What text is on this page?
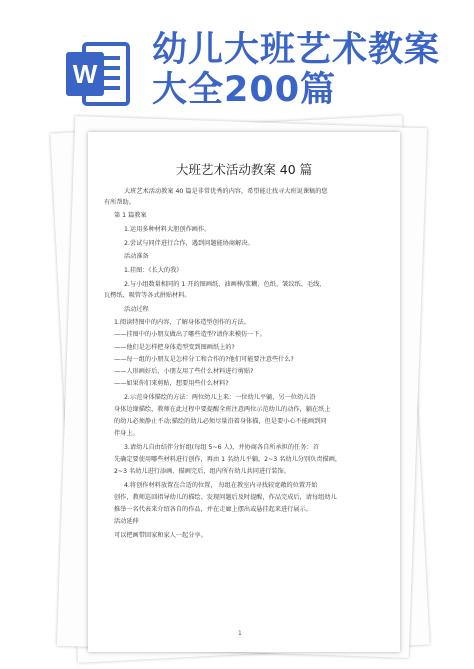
W
幼儿大班艺术教案大全200篇
大班艺术活动教案 40 篇
大班艺术活动教案 40 篇是非常优秀的内容，希望能让找寻大班说课稿的您
有所帮助。
第 1 篇教案
1.运用多种材料大胆创作画作。
2.尝试与同伴进行合作，遇到问题能协商解决。
活动准备
1.挂图：《长大的我》
2.与小组数量相同的 1 开的图画纸、油画棒/浆糊、色纸、皱纹纸、毛线、
瓦楞纸、吸管等各式拼贴材料。
活动过程
1.阅读特图中的内容，了解身体造型创作的方法。
——挂图中的小朋友做出了哪些造型?请你来模仿一下。
——他们是怎样把身体造型变到图画纸上的?
——每一组的小朋友是怎样分工和合作的?他们可能要注意些什么?
——人形画好后，小朋友用了些什么材料进行剪贴?
——如果你们来剪贴，想要用些什么材料?
2.示范身体描绘的方法：两位幼儿上来：一位幼儿平躺，另一位幼儿沿
身体边缘描绘，教师在此过程中要提醒全班注意两位示范幼儿的动作，躺在纸上
的幼儿必须静止不动;描绘的幼儿必须尽量沿着身体描，但是要小心不能画到同
伴身上。
3.请幼儿自由结伴分好组(每组 5~6 人)，并协商各自所承担的任务：首
先确定要使用哪些材料进行创作，再由 1 名幼儿平躺，2~3 名幼儿分别负责描画，
2~3 名幼儿进行添画、描画完后，组内所有幼儿共同进行装饰。
4.将创作材料放置在合适的位置， 每组在教室内寻找较宽敞的位置开始
创作，教师巡回指导幼儿的描绘、发现问题后及时提醒，作品完成后，请每组幼儿
推举一名代表来介绍各自的作品，并在走廊上摆出或悬挂起来进行展示。
活动延伸
可以把画带回家和家人一起分享。
1
